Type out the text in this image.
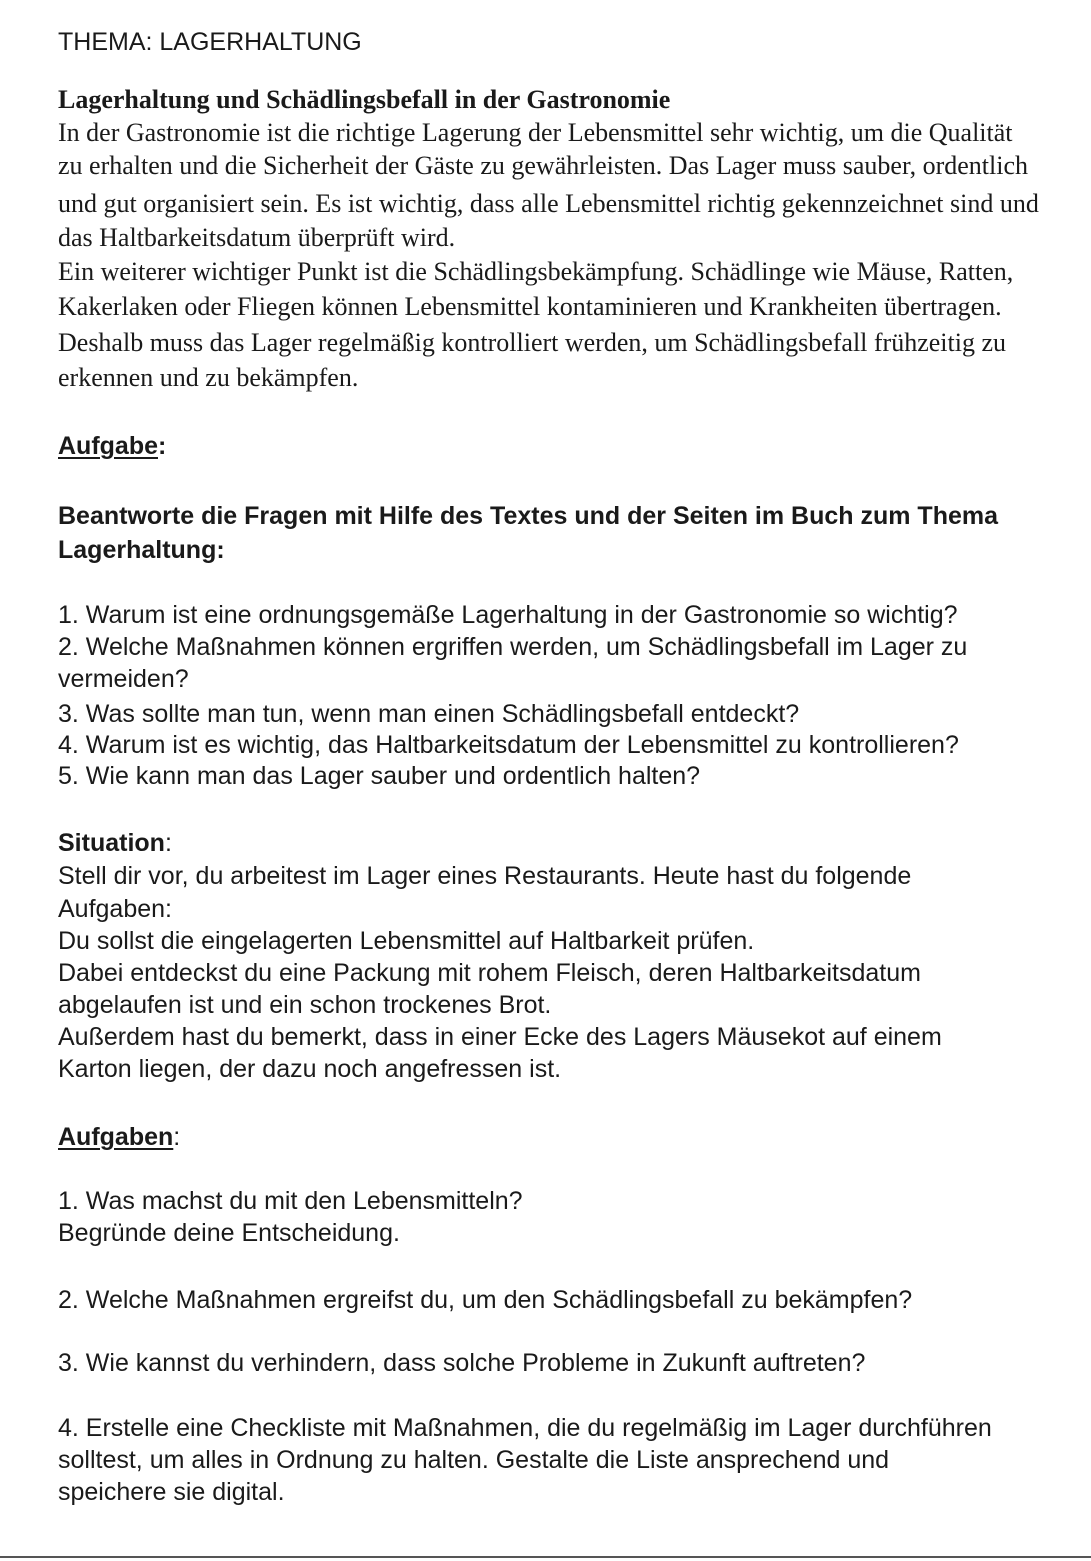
THEMA: LAGERHALTUNG

Lagerhaltung und Schädlingsbefall in der Gastronomie

In der Gastronomie ist die richtige Lagerung der Lebensmittel sehr wichtig, um die Qualität

zu erhalten und die Sicherheit der Gäste zu gewährleisten. Das Lager muss sauber, ordentlich

und gut organisiert sein. Es ist wichtig, dass alle Lebensmittel richtig gekennzeichnet sind und

das Haltbarkeitsdatum überprüft wird.

Ein weiterer wichtiger Punkt ist die Schädlingsbekämpfung. Schädlinge wie Mäuse, Ratten,

Kakerlaken oder Fliegen können Lebensmittel kontaminieren und Krankheiten übertragen.

Deshalb muss das Lager regelmäßig kontrolliert werden, um Schädlingsbefall frühzeitig zu

erkennen und zu bekämpfen.

Aufgabe:

Beantworte die Fragen mit Hilfe des Textes und der Seiten im Buch zum Thema

Lagerhaltung:

1. Warum ist eine ordnungsgemäße Lagerhaltung in der Gastronomie so wichtig?

2. Welche Maßnahmen können ergriffen werden, um Schädlingsbefall im Lager zu

vermeiden?

3. Was sollte man tun, wenn man einen Schädlingsbefall entdeckt?

4. Warum ist es wichtig, das Haltbarkeitsdatum der Lebensmittel zu kontrollieren?

5. Wie kann man das Lager sauber und ordentlich halten?

Situation:

Stell dir vor, du arbeitest im Lager eines Restaurants. Heute hast du folgende

Aufgaben:

Du sollst die eingelagerten Lebensmittel auf Haltbarkeit prüfen.

Dabei entdeckst du eine Packung mit rohem Fleisch, deren Haltbarkeitsdatum

abgelaufen ist und ein schon trockenes Brot.

Außerdem hast du bemerkt, dass in einer Ecke des Lagers Mäusekot auf einem

Karton liegen, der dazu noch angefressen ist.

Aufgaben:

1. Was machst du mit den Lebensmitteln?

Begründe deine Entscheidung.

2. Welche Maßnahmen ergreifst du, um den Schädlingsbefall zu bekämpfen?

3. Wie kannst du verhindern, dass solche Probleme in Zukunft auftreten?

4. Erstelle eine Checkliste mit Maßnahmen, die du regelmäßig im Lager durchführen

solltest, um alles in Ordnung zu halten. Gestalte die Liste ansprechend und

speichere sie digital.
